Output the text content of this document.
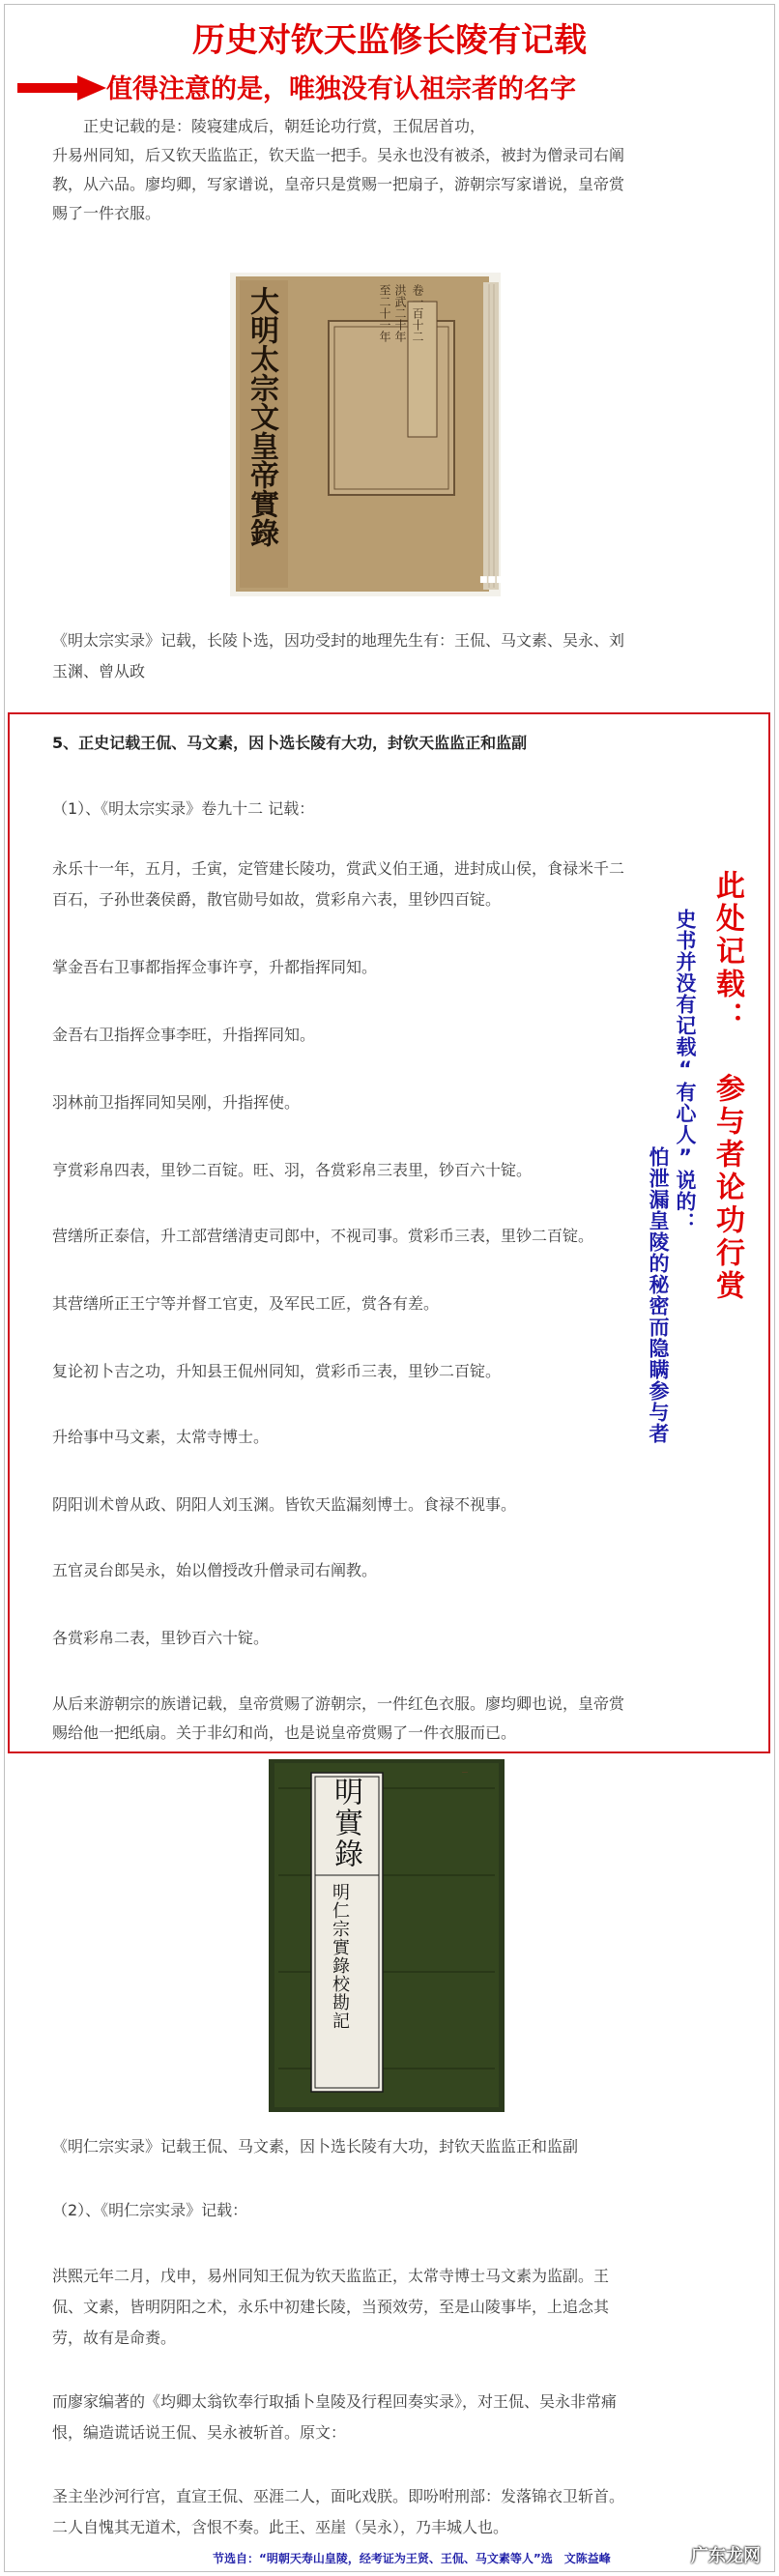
历史对钦天监修长陵有记载
值得注意的是，唯独没有认祖宗者的名字

　　正史记载的是：陵寝建成后，朝廷论功行赏，王侃居首功，

升易州同知，后又钦天监监正，钦天监一把手。吴永也没有被杀，被封为僧录司右阐

教，从六品。廖均卿，写家谱说，皇帝只是赏赐一把扇子，游朝宗写家谱说，皇帝赏

赐了一件衣服。

■■■
大明太宗文皇帝實錄	卷一百十二
洪武二十年
至二十一年

《明太宗实录》记载，长陵卜选，因功受封的地理先生有：王侃、马文素、吴永、刘

玉渊、曾从政

5、正史记载王侃、马文素，因卜选长陵有大功，封钦天监监正和监副

（1）、《明太宗实录》卷九十二 记载：

永乐十一年，五月，壬寅，定管建长陵功，赏武义伯王通，进封成山侯，食禄米千二

百石，子孙世袭侯爵，散官勋号如故，赏彩帛六表，里钞四百锭。

掌金吾右卫事都指挥佥事许亨，升都指挥同知。

金吾右卫指挥佥事李旺，升指挥同知。

羽林前卫指挥同知吴刚，升指挥使。

亨赏彩帛四表，里钞二百锭。旺、羽，各赏彩帛三表里，钞百六十锭。

营缮所正泰信，升工部营缮清吏司郎中，不视司事。赏彩币三表，里钞二百锭。

其营缮所正王宁等并督工官吏，及军民工匠，赏各有差。

复论初卜吉之功，升知县王侃州同知，赏彩币三表，里钞二百锭。

升给事中马文素，太常寺博士。

阴阳训术曾从政、阴阳人刘玉渊。皆钦天监漏刻博士。食禄不视事。

五官灵台郎吴永，始以僧授改升僧录司右阐教。

各赏彩帛二表，里钞百六十锭。

从后来游朝宗的族谱记载，皇帝赏赐了游朝宗，一件红色衣服。廖均卿也说，皇帝赏

赐给他一把纸扇。关于非幻和尚，也是说皇帝赏赐了一件衣服而已。

此处记载：
参与者论功行赏
史书并没有记载“有心人”说的：
怕泄漏皇陵的秘密而隐瞒参与者
…
明實錄
明仁宗實錄校勘記

《明仁宗实录》记载王侃、马文素，因卜选长陵有大功，封钦天监监正和监副

（2）、《明仁宗实录》记载：

洪熙元年二月，戊申，易州同知王侃为钦天监监正，太常寺博士马文素为监副。王

侃、文素，皆明阴阳之术，永乐中初建长陵，当预效劳，至是山陵事毕，上追念其

劳，故有是命赉。

而廖家编著的《均卿太翁钦奉行取插卜皇陵及行程回奏实录》，对王侃、吴永非常痛

恨，编造谎话说王侃、吴永被斩首。原文：

圣主坐沙河行宫，直宣王侃、巫涯二人，面叱戏朕。即吩咐刑部：发落锦衣卫斩首。

二人自愧其无道术，含恨不奏。此王、巫崖（吴永），乃丰城人也。

节选自：“明朝天寿山皇陵，经考证为王贤、王侃、马文素等人”选　文陈益峰	广东龙网
